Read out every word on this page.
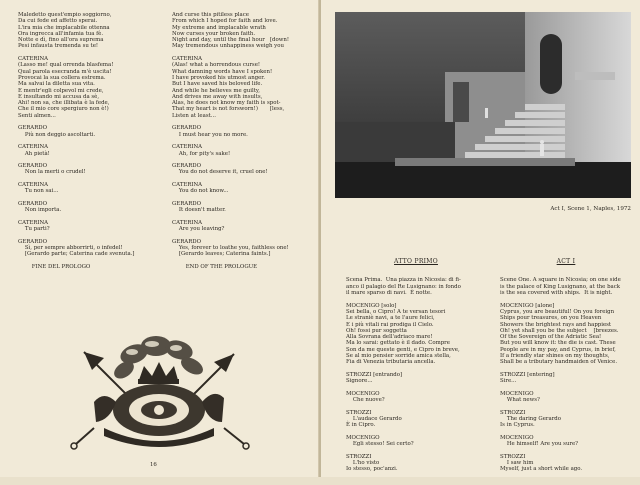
Maledetto quest'empio soggiorno,
Da cui fede ed affetto sperai.
L'ira mia che implacabile ottenna
Ora ingrecca all'infamia tua fè.
Notte e dì, fino all'ora suprema
Pesi infausta tremenda su te!
CATERINA
(Lasso me! qual orrenda blasfema!
Qual parola esecranda m'è uscita!
Provocai la sua collera estrema.
Ma salvai la diletta sua vita.
E mentr'egli colpevol mi crede,
E insultando mi accusa da sè,
Ahi! non sa, che illibata è la fede,
Che il mio core spergiuro non è!)
Senti almen...
GERARDO
Più non deggio ascoltarti.
CATERINA
Ah pietà!
GERARDO
Non la merti o crudel!
CATERINA
Tu non sai...
GERARDO
Non importa.
CATERINA
Tu parti?
GERARDO
Sì, per sempre abborrirti, o infedel!
[Gerardo parte; Caterina cade svenuta.]
FINE DEL PROLOGO
And curse this pitiless place
From which I hoped for faith and love.
My extreme and implacable wrath
Now curses your broken faith.
Night and day, until the final hour   [down!
May tremendous unhappiness weigh you
CATERINA
(Alas! what a horrendous curse!
What damning words have I spoken!
I have provoked his utmost anger.
But I have saved his beloved life.
And while he believes me guilty,
And drives me away with insults,
Alas, he does not know my faith is spot-
That my heart is not forsworn!)       [less,
Listen at least...
GERARDO
I must hear you no more.
CATERINA
Ah, for pity's sake!
GERARDO
You do not deserve it, cruel one!
CATERINA
You do not know...
GERARDO
It doesn't matter.
CATERINA
Are you leaving?
GERARDO
Yes, forever to loathe you, faithless one!
[Gerardo leaves; Caterina faints.]
END OF THE PROLOGUE
16
Act I, Scene 1, Naples, 1972

ATTO PRIMO

Scena Prima.  Una piazza in Nicosia: di fi-
anco il palagio del Re Lusignano: in fondo
il mare sparso di navi.  È notte.
MOCENIGO [solo]
Sei bella, o Cipro! A te versan tesori
Le straniè navi, a te l'aure felici,
E i più vitali rai prodiga il Cielo.
Oh! fossi pur soggetta
Alla Sovrana dell'adriaco mare!
Ma lo sarai: gettato è il dado. Compre
Son da me queste genti, e Cipro in breve,
Se al mio pensier sorride amica stella,
Fia di Venezia tributaria ancella.
STROZZI [entrando]
Signore...
MOCENIGO
Che nuove?
STROZZI
L'audace Gerardo
È in Cipro.
MOCENIGO
Egli stesso! Sei certo?
STROZZI
L'ho visto
Io stesso, poc'anzi.

ACT I

Scene One. A square in Nicosia; on one side
is the palace of King Lusignano, at the back
is the sea covered with ships.  It is night.
MOCENIGO [alone]
Cyprus, you are beautiful! On you foreign
Ships pour treasures, on you Heaven
Showers the brightest rays and happiest
Oh! yet shall you be the subject    [breezes.
Of the Sovereign of the Adriatic Sea!
But you will know it: the die is cast. These
People are in my pay, and Cyprus, in brief,
If a friendly star shines on my thoughts,
Shall be a tributary handmaiden of Venice.
STROZZI [entering]
Sire...
MOCENIGO
What news?
STROZZI
The daring Gerardo
Is in Cyprus.
MOCENIGO
He himself! Are you sure?
STROZZI
I saw him
Myself, just a short while ago.
